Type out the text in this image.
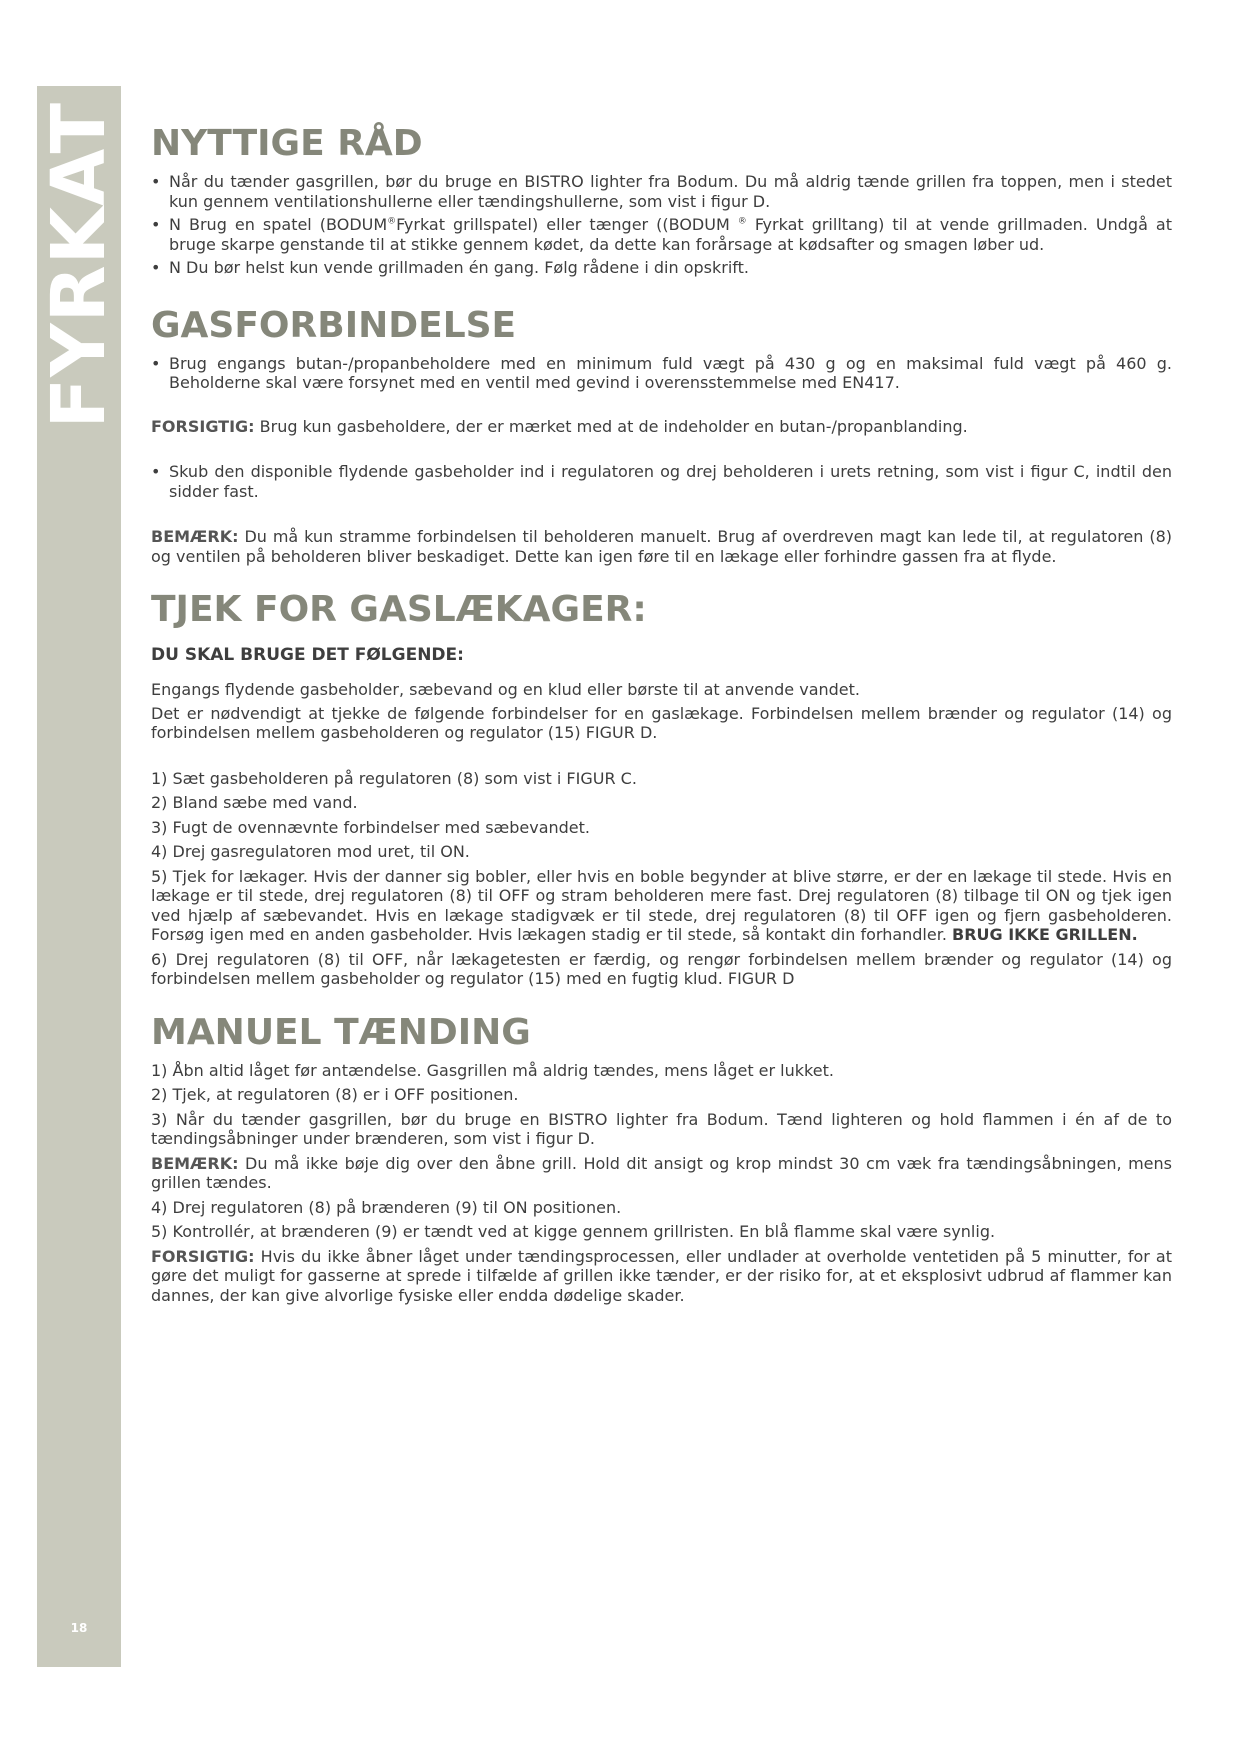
FYRKAT
18
NYTTIGE RÅD
• Når du tænder gasgrillen, bør du bruge en BISTRO lighter fra Bodum. Du må aldrig tænde grillen fra toppen, men i stedet kun gennem ventilationshullerne eller tændingshullerne, som vist i figur D.
• N Brug en spatel (BODUM®Fyrkat grillspatel) eller tænger ((BODUM ® Fyrkat grilltang) til at vende grillmaden. Undgå at bruge skarpe genstande til at stikke gennem kødet, da dette kan forårsage at kødsafter og smagen løber ud.
• N Du bør helst kun vende grillmaden én gang. Følg rådene i din opskrift.
GASFORBINDELSE
• Brug engangs butan-/propanbeholdere med en minimum fuld vægt på 430 g og en maksimal fuld vægt på 460 g. Beholderne skal være forsynet med en ventil med gevind i overensstemmelse med EN417.

FORSIGTIG: Brug kun gasbeholdere, der er mærket med at de indeholder en butan-/propanblanding.

• Skub den disponible flydende gasbeholder ind i regulatoren og drej beholderen i urets retning, som vist i figur C, indtil den sidder fast.

BEMÆRK: Du må kun stramme forbindelsen til beholderen manuelt. Brug af overdreven magt kan lede til, at regulatoren (8) og ventilen på beholderen bliver beskadiget. Dette kan igen føre til en lækage eller forhindre gassen fra at flyde.

TJEK FOR GASLÆKAGER:
DU SKAL BRUGE DET FØLGENDE:

Engangs flydende gasbeholder, sæbevand og en klud eller børste til at anvende vandet.

Det er nødvendigt at tjekke de følgende forbindelser for en gaslækage. Forbindelsen mellem brænder og regulator (14) og forbindelsen mellem gasbeholderen og regulator (15) FIGUR D.

1) Sæt gasbeholderen på regulatoren (8) som vist i FIGUR C.
2) Bland sæbe med vand.
3) Fugt de ovennævnte forbindelser med sæbevandet.
4) Drej gasregulatoren mod uret, til ON.
5) Tjek for lækager. Hvis der danner sig bobler, eller hvis en boble begynder at blive større, er der en lækage til stede. Hvis en lækage er til stede, drej regulatoren (8) til OFF og stram beholderen mere fast. Drej regulatoren (8) tilbage til ON og tjek igen ved hjælp af sæbevandet. Hvis en lækage stadigvæk er til stede, drej regulatoren (8) til OFF igen og fjern gasbeholderen. Forsøg igen med en anden gasbeholder. Hvis lækagen stadig er til stede, så kontakt din forhandler. BRUG IKKE GRILLEN.
6) Drej regulatoren (8) til OFF, når lækagetesten er færdig, og rengør forbindelsen mellem brænder og regulator (14) og forbindelsen mellem gasbeholder og regulator (15) med en fugtig klud. FIGUR D
MANUEL TÆNDING
1) Åbn altid låget før antændelse. Gasgrillen må aldrig tændes, mens låget er lukket.
2) Tjek, at regulatoren (8) er i OFF positionen.
3) Når du tænder gasgrillen, bør du bruge en BISTRO lighter fra Bodum. Tænd lighteren og hold flammen i én af de to tændingsåbninger under brænderen, som vist i figur D.
BEMÆRK: Du må ikke bøje dig over den åbne grill. Hold dit ansigt og krop mindst 30 cm væk fra tændingsåbningen, mens grillen tændes.
4) Drej regulatoren (8) på brænderen (9) til ON positionen.
5) Kontrollér, at brænderen (9) er tændt ved at kigge gennem grillristen. En blå flamme skal være synlig.
FORSIGTIG: Hvis du ikke åbner låget under tændingsprocessen, eller undlader at overholde ventetiden på 5 minutter, for at gøre det muligt for gasserne at sprede i tilfælde af grillen ikke tænder, er der risiko for, at et eksplosivt udbrud af flammer kan dannes, der kan give alvorlige fysiske eller endda dødelige skader.
